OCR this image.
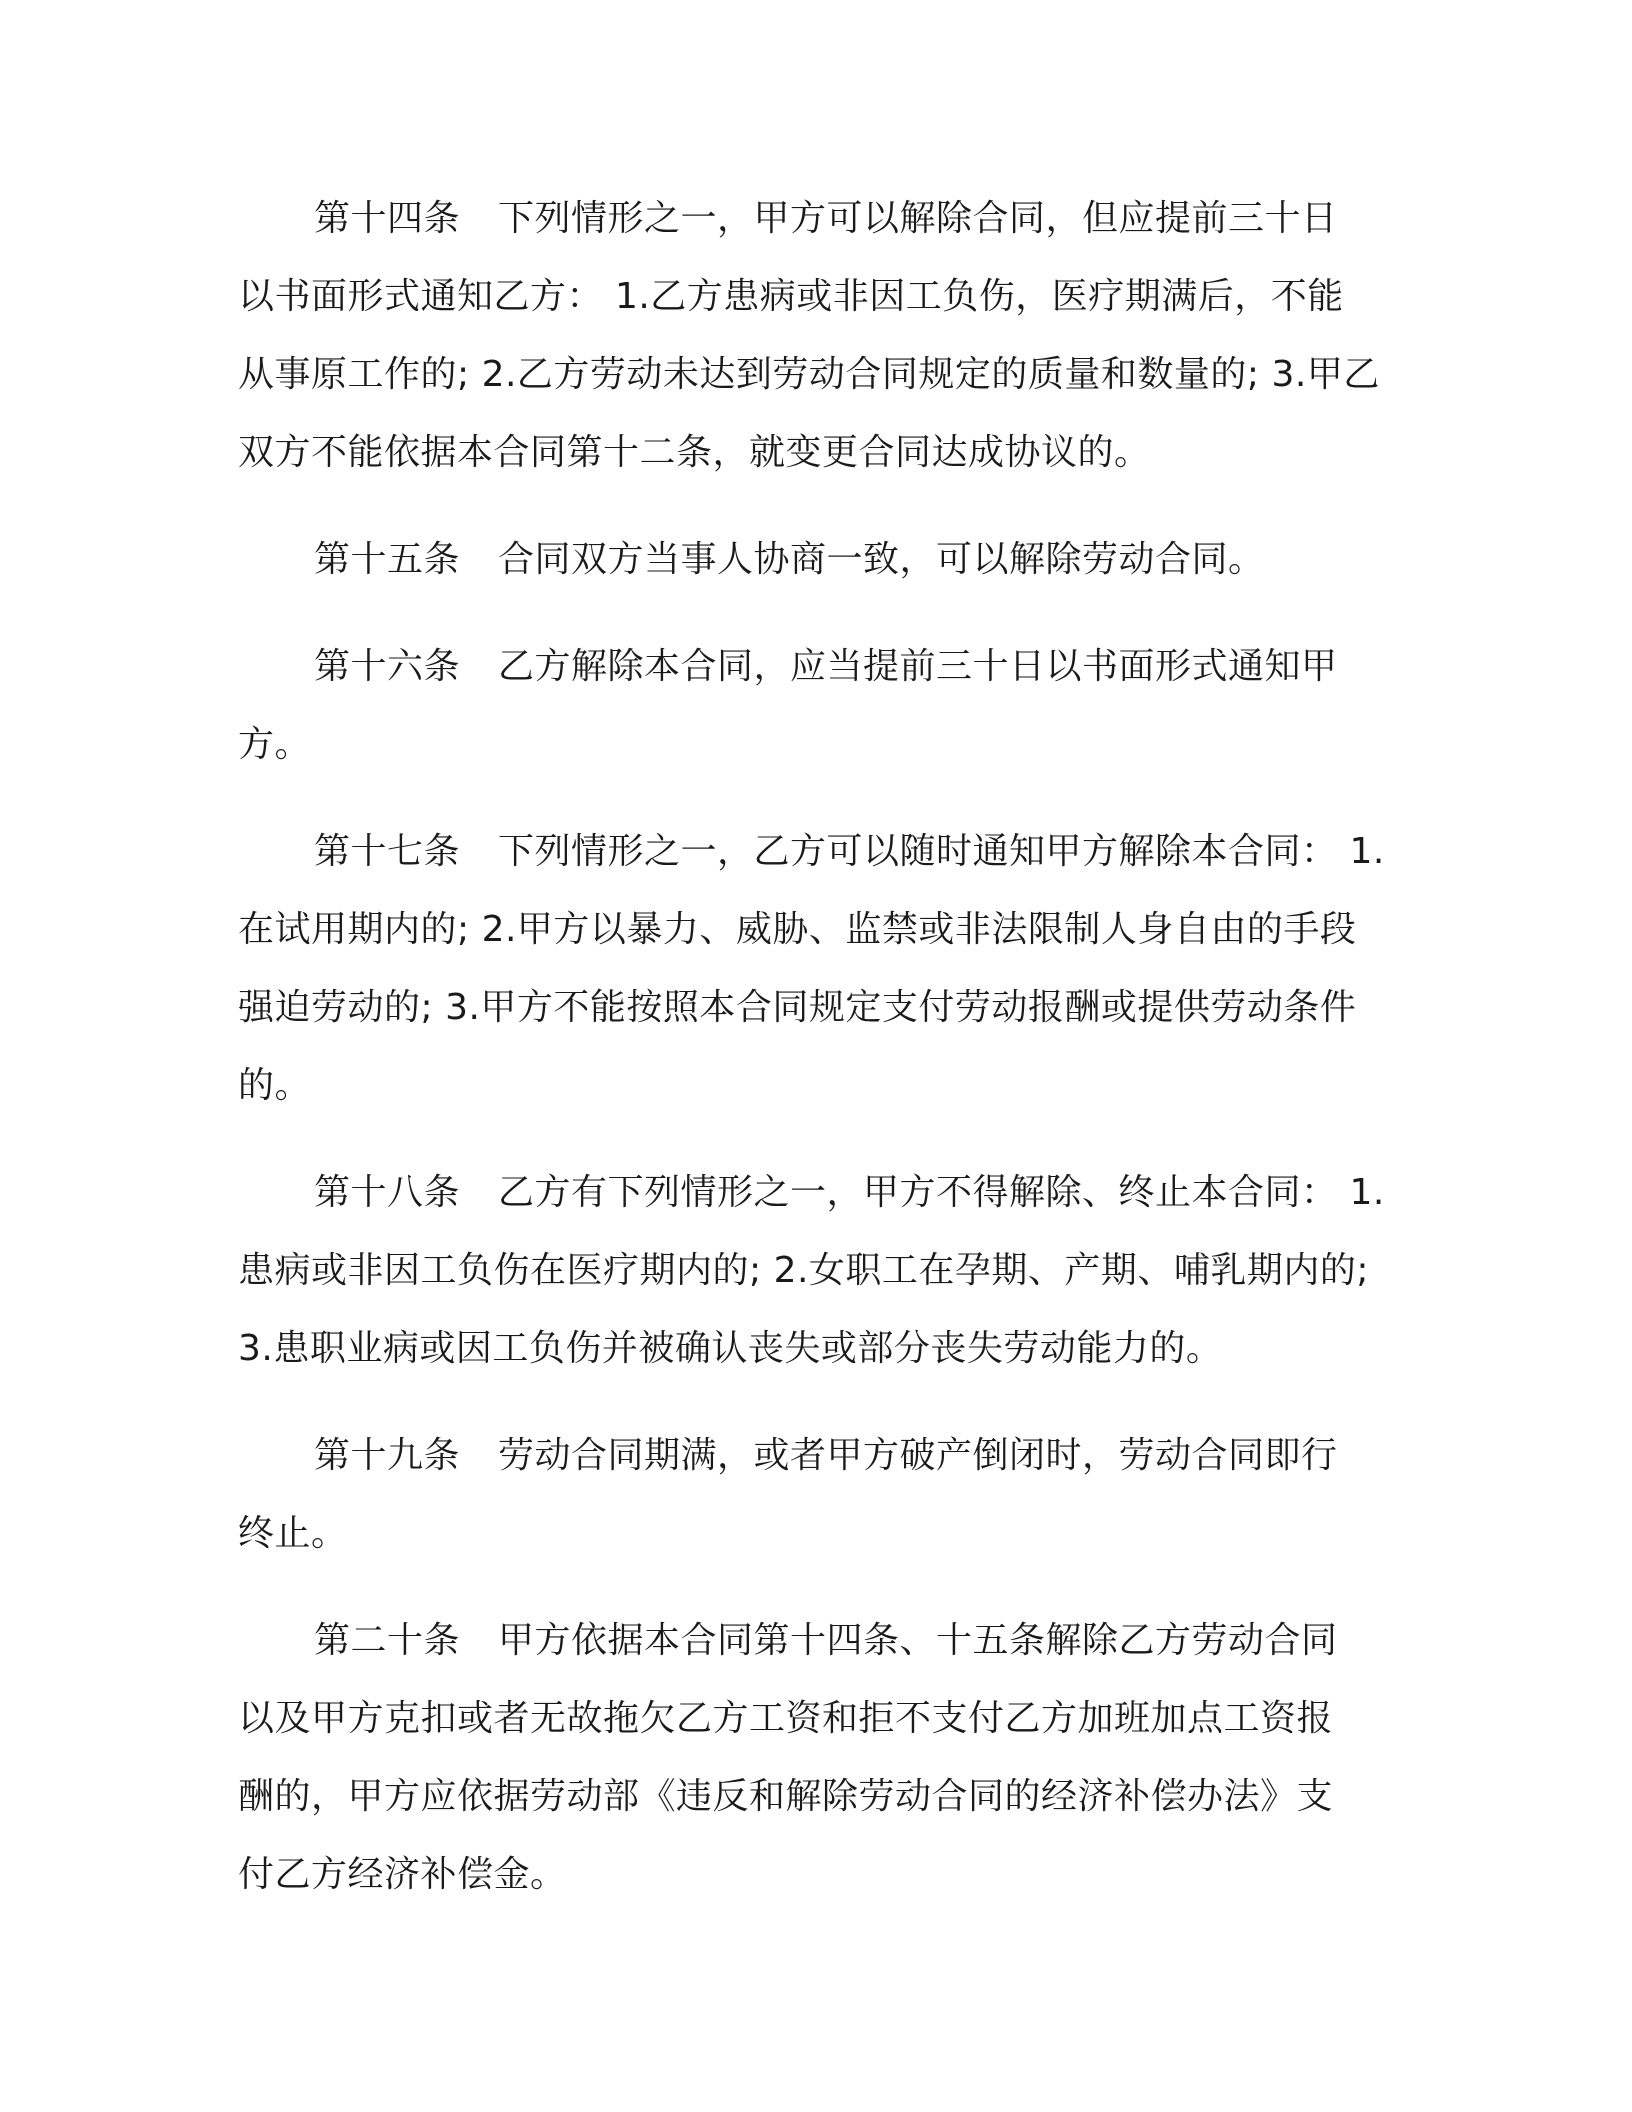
第十四条 下列情形之一，甲方可以解除合同，但应提前三十日
以书面形式通知乙方： 1.乙方患病或非因工负伤，医疗期满后，不能
从事原工作的; 2.乙方劳动未达到劳动合同规定的质量和数量的; 3.甲乙
双方不能依据本合同第十二条，就变更合同达成协议的。
第十五条 合同双方当事人协商一致，可以解除劳动合同。
第十六条 乙方解除本合同，应当提前三十日以书面形式通知甲
方。
第十七条 下列情形之一，乙方可以随时通知甲方解除本合同： 1.
在试用期内的; 2.甲方以暴力、威胁、监禁或非法限制人身自由的手段
强迫劳动的; 3.甲方不能按照本合同规定支付劳动报酬或提供劳动条件
的。
第十八条 乙方有下列情形之一，甲方不得解除、终止本合同： 1.
患病或非因工负伤在医疗期内的; 2.女职工在孕期、产期、哺乳期内的;
3.患职业病或因工负伤并被确认丧失或部分丧失劳动能力的。
第十九条 劳动合同期满，或者甲方破产倒闭时，劳动合同即行
终止。
第二十条 甲方依据本合同第十四条、十五条解除乙方劳动合同
以及甲方克扣或者无故拖欠乙方工资和拒不支付乙方加班加点工资报
酬的，甲方应依据劳动部《违反和解除劳动合同的经济补偿办法》支
付乙方经济补偿金。
